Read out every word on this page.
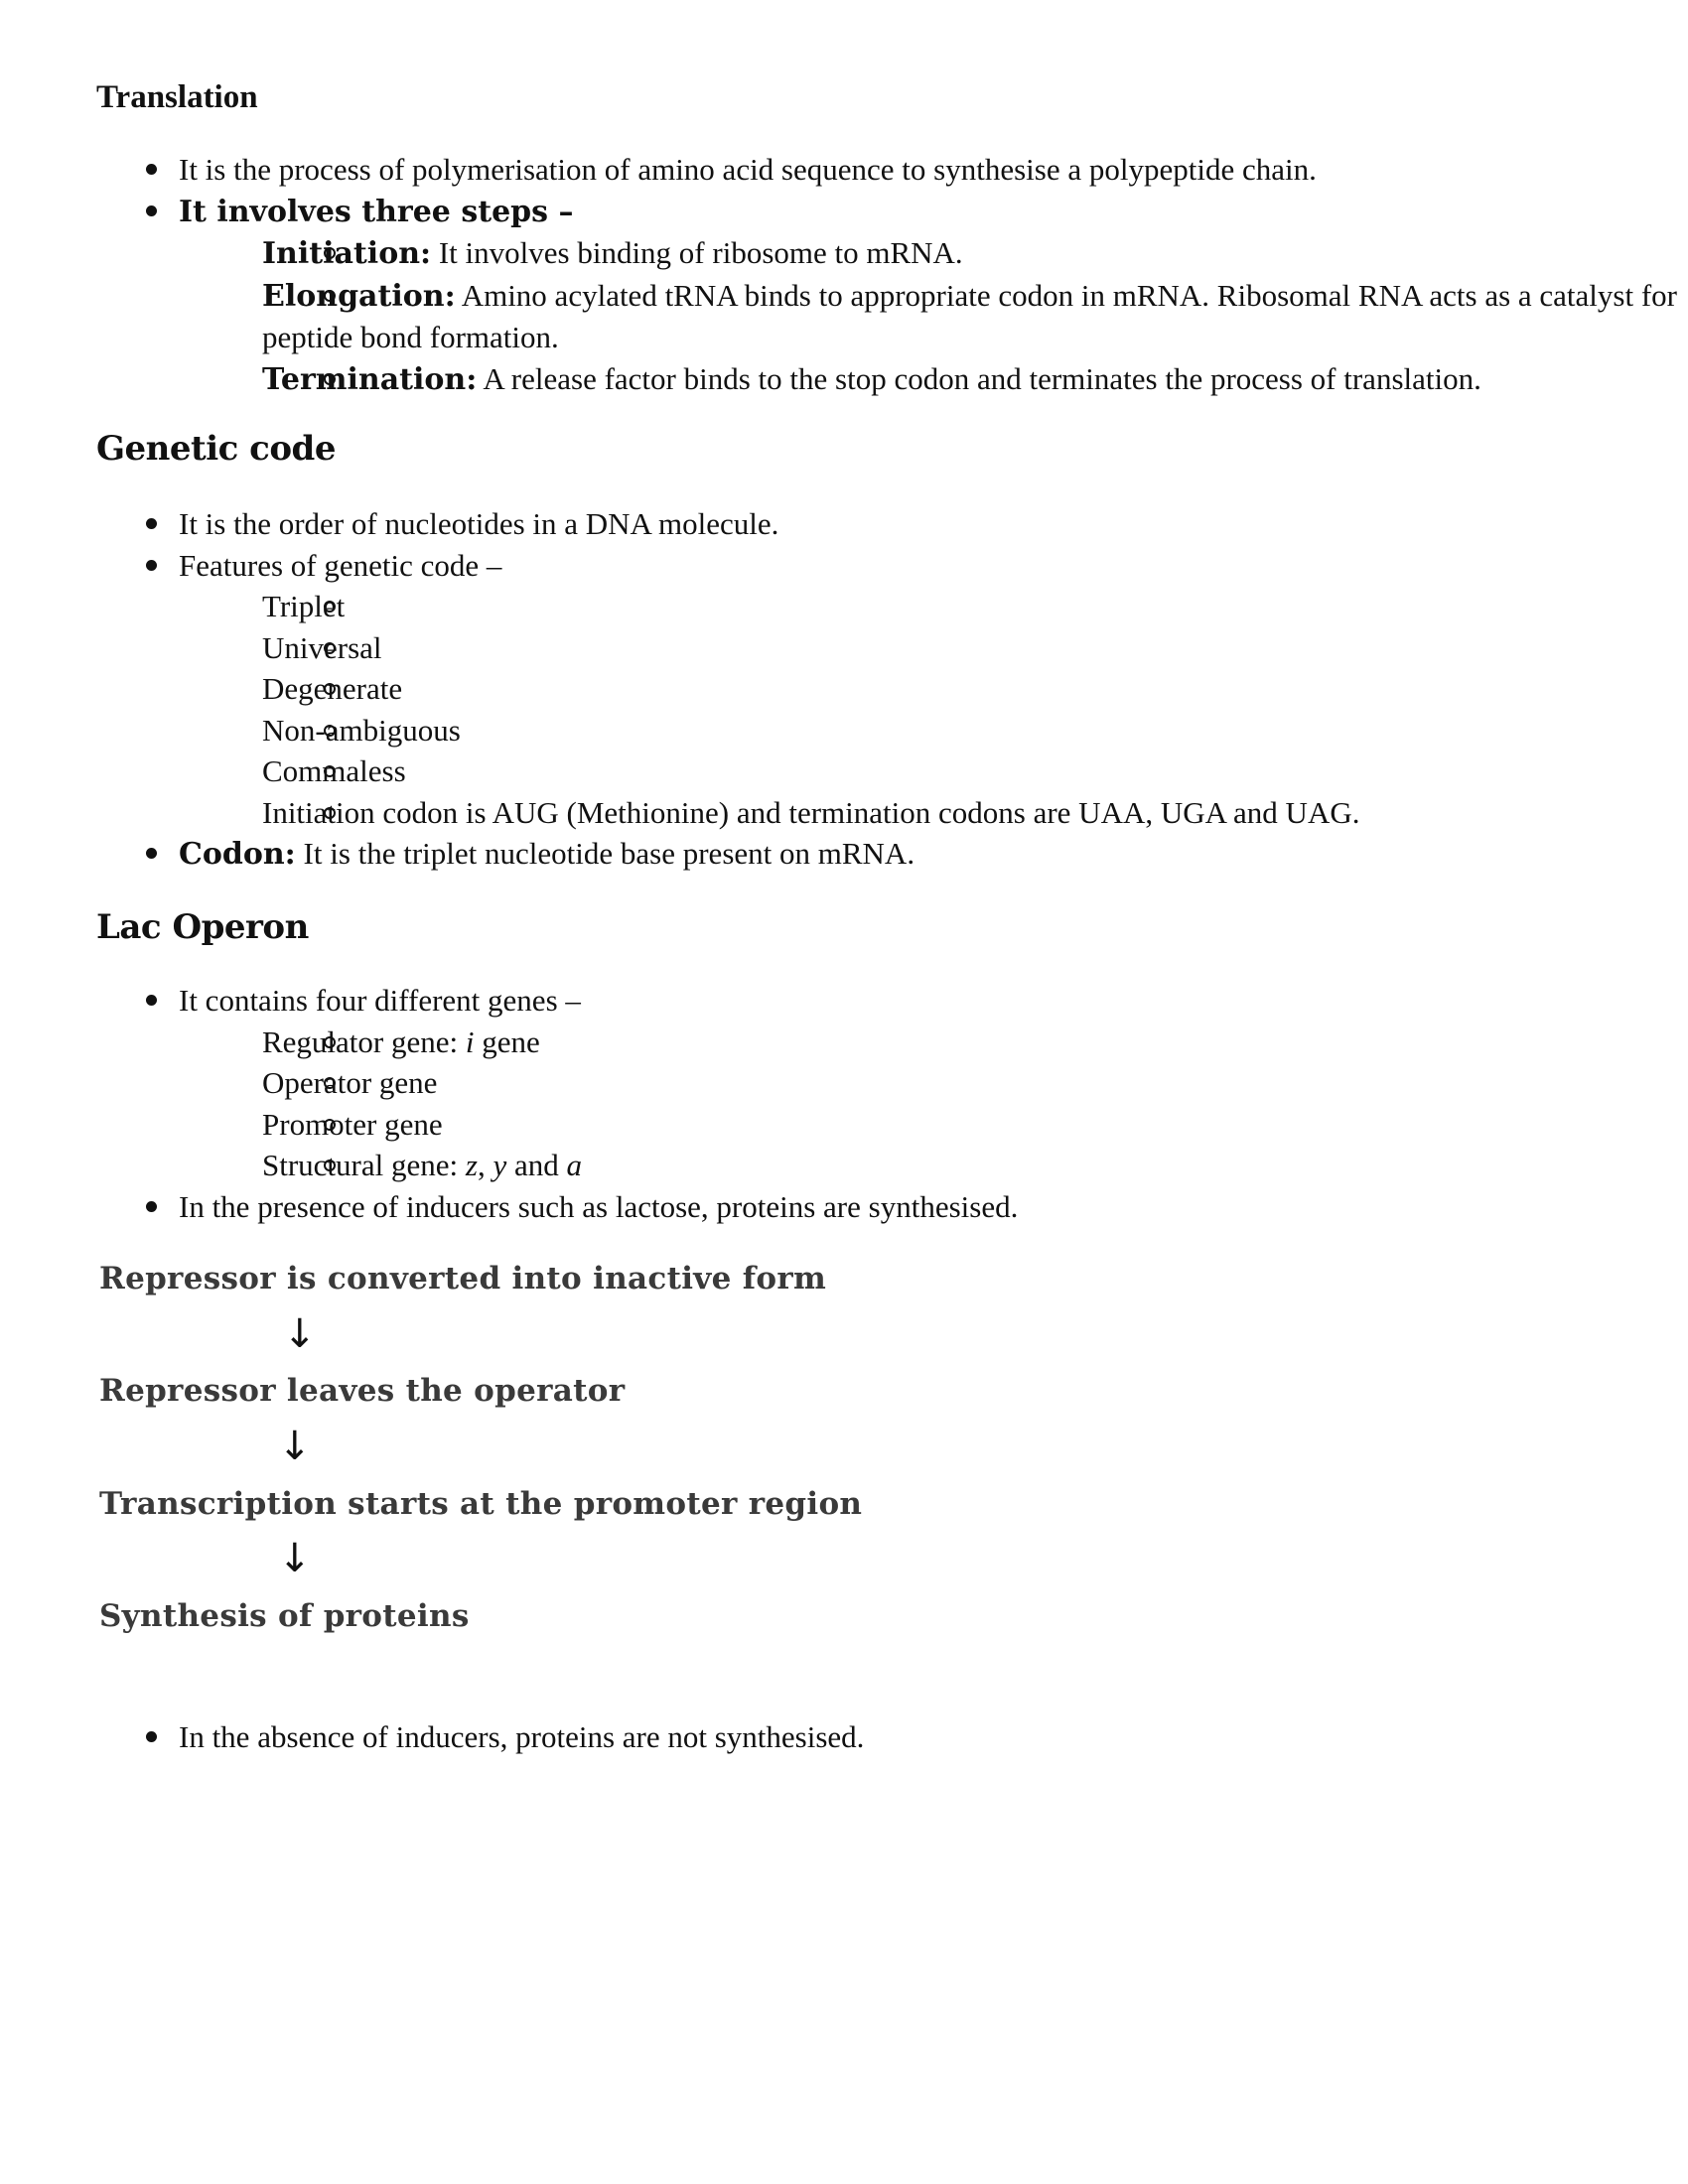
Translation
It is the process of polymerisation of amino acid sequence to synthesise a polypeptide chain.
It involves three steps –
Initiation: It involves binding of ribosome to mRNA.
Elongation: Amino acylated tRNA binds to appropriate codon in mRNA. Ribosomal RNA acts as a catalyst for peptide bond formation.
Termination: A release factor binds to the stop codon and terminates the process of translation.
Genetic code
It is the order of nucleotides in a DNA molecule.
Features of genetic code –
Triplet
Universal
Degenerate
Non-ambiguous
Commaless
Initiation codon is AUG (Methionine) and termination codons are UAA, UGA and UAG.
Codon: It is the triplet nucleotide base present on mRNA.
Lac Operon
It contains four different genes –
Regulator gene: i gene
Operator gene
Promoter gene
Structural gene: z, y and a
In the presence of inducers such as lactose, proteins are synthesised.
Repressor is converted into inactive form
↓
Repressor leaves the operator
↓
Transcription starts at the promoter region
↓
Synthesis of proteins
In the absence of inducers, proteins are not synthesised.
